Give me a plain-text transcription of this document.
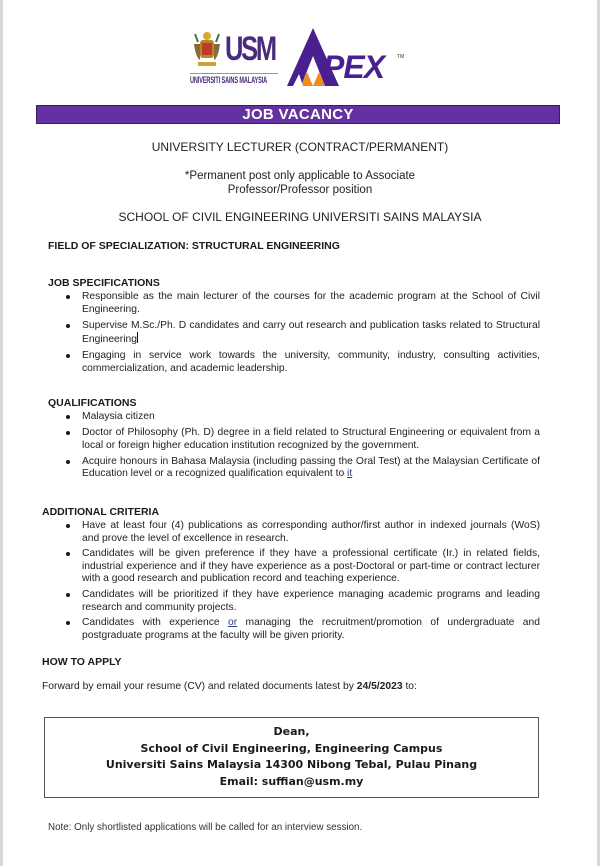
USM
UNIVERSITI SAINS MALAYSIA PEX	TM
JOB VACANCY
UNIVERSITY LECTURER (CONTRACT/PERMANENT)
*Permanent post only applicable to Associate
Professor/Professor position
SCHOOL OF CIVIL ENGINEERING UNIVERSITI SAINS MALAYSIA
FIELD OF SPECIALIZATION: STRUCTURAL ENGINEERING
JOB SPECIFICATIONS
Responsible as the main lecturer of the courses for the academic program at the School of Civil Engineering.
Supervise M.Sc./Ph. D candidates and carry out research and publication tasks related to Structural Engineering
Engaging in service work towards the university, community, industry, consulting activities, commercialization, and academic leadership.
QUALIFICATIONS
Malaysia citizen
Doctor of Philosophy (Ph. D) degree in a field related to Structural Engineering or equivalent from a local or foreign higher education institution recognized by the government.
Acquire honours in Bahasa Malaysia (including passing the Oral Test) at the Malaysian Certificate of Education level or a recognized qualification equivalent to it
ADDITIONAL CRITERIA
Have at least four (4) publications as corresponding author/first author in indexed journals (WoS) and prove the level of excellence in research.
Candidates will be given preference if they have a professional certificate (Ir.) in related fields, industrial experience and if they have experience as a post-Doctoral or part-time or contract lecturer with a good research and publication record and teaching experience.
Candidates will be prioritized if they have experience managing academic programs and leading research and community projects.
Candidates with experience or managing the recruitment/promotion of undergraduate and postgraduate programs at the faculty will be given priority.
HOW TO APPLY
Forward by email your resume (CV) and related documents latest by 24/5/2023 to:
Dean,
School of Civil Engineering, Engineering Campus
Universiti Sains Malaysia 14300 Nibong Tebal, Pulau Pinang
Email: suffian@usm.my
Note: Only shortlisted applications will be called for an interview session.
